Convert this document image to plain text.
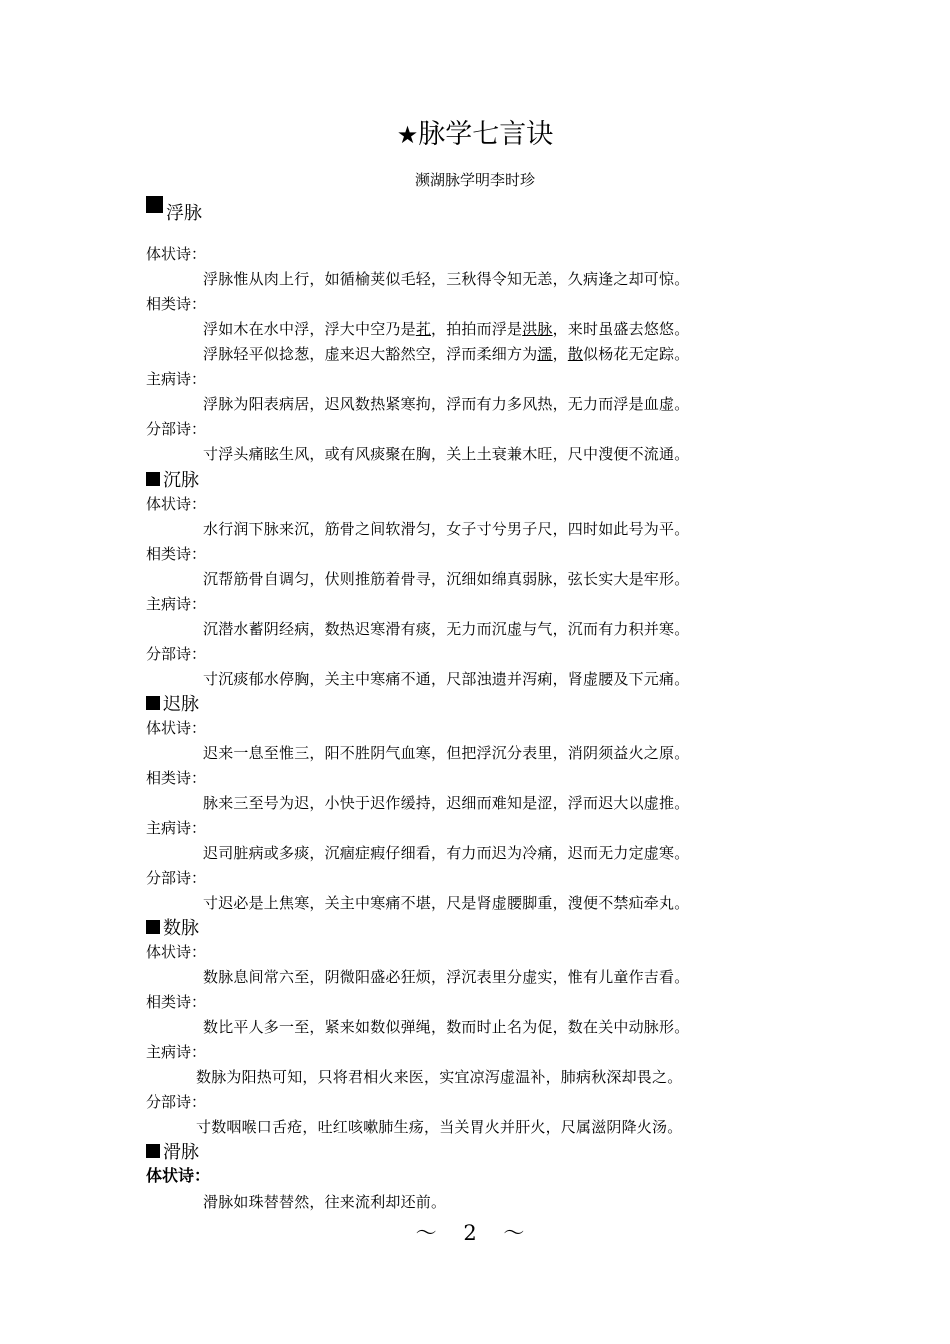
★脉学七言诀
濒湖脉学明李时珍
浮脉
体状诗：
浮脉惟从肉上行，如循榆荚似毛轻，三秋得令知无恙，久病逢之却可惊。
相类诗：
浮如木在水中浮，浮大中空乃是芤，拍拍而浮是洪脉，来时虽盛去悠悠。
浮脉轻平似捻葱，虚来迟大豁然空，浮而柔细方为濡，散似杨花无定踪。
主病诗：
浮脉为阳表病居，迟风数热紧寒拘，浮而有力多风热，无力而浮是血虚。
分部诗：
寸浮头痛眩生风，或有风痰聚在胸，关上土衰兼木旺，尺中溲便不流通。
沉脉
体状诗：
水行润下脉来沉，筋骨之间软滑匀，女子寸兮男子尺，四时如此号为平。
相类诗：
沉帮筋骨自调匀，伏则推筋着骨寻，沉细如绵真弱脉，弦长实大是牢形。
主病诗：
沉潜水蓄阴经病，数热迟寒滑有痰，无力而沉虚与气，沉而有力积并寒。
分部诗：
寸沉痰郁水停胸，关主中寒痛不通，尺部浊遗并泻痢，肾虚腰及下元痛。
迟脉
体状诗：
迟来一息至惟三，阳不胜阴气血寒，但把浮沉分表里，消阴须益火之原。
相类诗：
脉来三至号为迟，小快于迟作缓持，迟细而难知是涩，浮而迟大以虚推。
主病诗：
迟司脏病或多痰，沉痼症瘕仔细看，有力而迟为冷痛，迟而无力定虚寒。
分部诗：
寸迟必是上焦寒，关主中寒痛不堪，尺是肾虚腰脚重，溲便不禁疝牵丸。
数脉
体状诗：
数脉息间常六至，阴微阳盛必狂烦，浮沉表里分虚实，惟有儿童作吉看。
相类诗：
数比平人多一至，紧来如数似弹绳，数而时止名为促，数在关中动脉形。
主病诗：
数脉为阳热可知，只将君相火来医，实宜凉泻虚温补，肺病秋深却畏之。
分部诗：
寸数咽喉口舌疮，吐红咳嗽肺生疡，当关胃火并肝火，尺属滋阴降火汤。
滑脉
体状诗：
滑脉如珠替替然，往来流利却还前。
～ 2 ～
